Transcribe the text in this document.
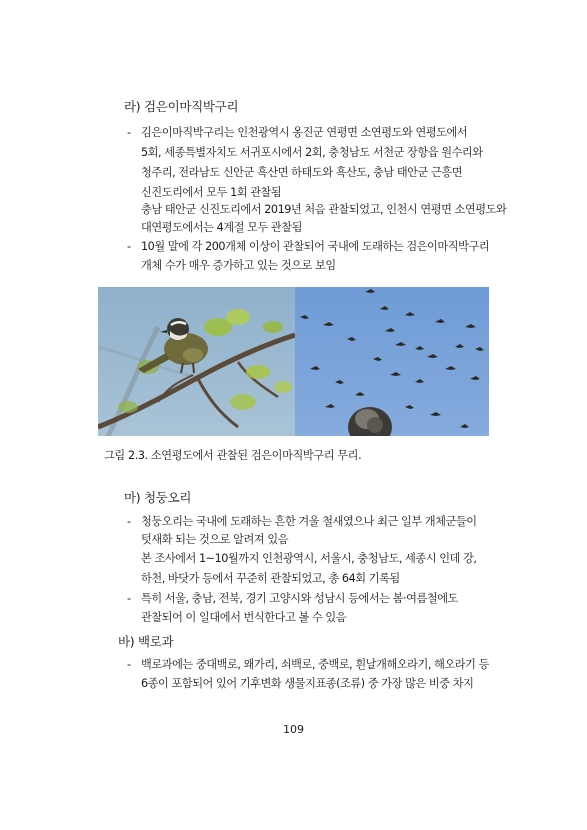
라) 검은이마직박구리
- 김은이마직박구리는 인천광역시 옹진군 연평면 소연평도와 연평도에서
5회, 세종특별자치도 서귀포시에서 2회, 충청남도 서천군 장항읍 원수리와
청주리, 전라남도 신안군 흑산면 하태도와 흑산도, 충남 태안군 근흥면
신진도리에서 모두 1회 관찰됨
충남 태안군 신진도리에서 2019년 처음 관찰되었고, 인천시 연평면 소연평도와
대연평도에서는 4계절 모두 관찰됨
- 10월 말에 각 200개체 이상이 관찰되어 국내에 도래하는 검은이마직박구리
개체 수가 매우 증가하고 있는 것으로 보임
그림 2.3. 소연평도에서 관찰된 검은이마직박구리 무리.
마) 청둥오리
- 청둥오리는 국내에 도래하는 흔한 겨울 철새였으나 최근 일부 개체군들이
텃새화 되는 것으로 알려져 있음
본 조사에서 1~10월까지 인천광역시, 서울시, 충청남도, 세종시 인데 강,
하천, 바닷가 등에서 꾸준히 관찰되었고, 총 64회 기록됨
- 특히 서울, 충남, 전북, 경기 고양시와 성남시 등에서는 봄·여름철에도
관찰되어 이 일대에서 번식한다고 볼 수 있음
바) 백로과
- 백로과에는 중대백로, 왜가리, 쇠백로, 중백로, 흰날개해오라기, 해오라기 등
6종이 포함되어 있어 기후변화 생물지표종(조류) 중 가장 많은 비중 차지
109
